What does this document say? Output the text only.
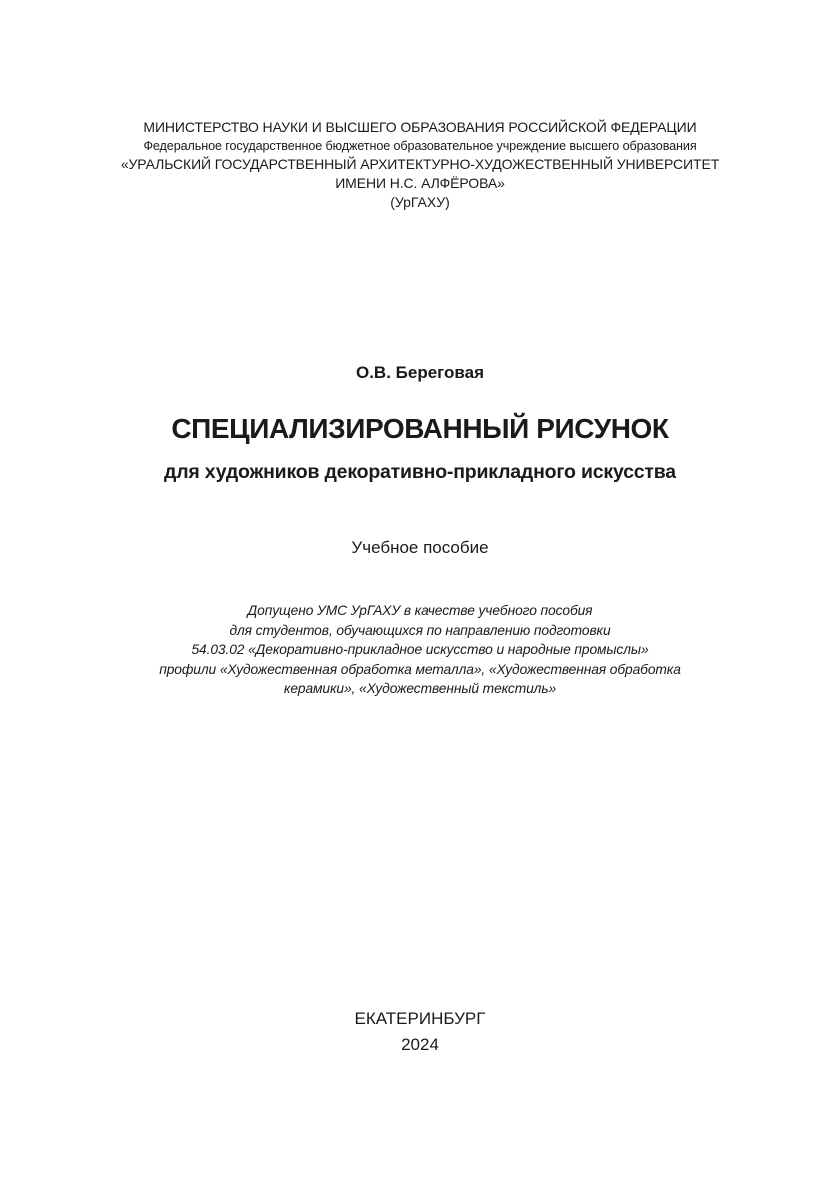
МИНИСТЕРСТВО НАУКИ И ВЫСШЕГО ОБРАЗОВАНИЯ РОССИЙСКОЙ ФЕДЕРАЦИИ
Федеральное государственное бюджетное образовательное учреждение высшего образования
«УРАЛЬСКИЙ ГОСУДАРСТВЕННЫЙ АРХИТЕКТУРНО-ХУДОЖЕСТВЕННЫЙ УНИВЕРСИТЕТ
ИМЕНИ Н.С. АЛФЁРОВА»
(УрГАХУ)
О.В. Береговая
СПЕЦИАЛИЗИРОВАННЫЙ РИСУНОК
для художников декоративно-прикладного искусства
Учебное пособие
Допущено УМС УрГАХУ в качестве учебного пособия
для студентов, обучающихся по направлению подготовки
54.03.02 «Декоративно-прикладное искусство и народные промыслы»
профили «Художественная обработка металла», «Художественная обработка
керамики», «Художественный текстиль»
ЕКАТЕРИНБУРГ
2024
